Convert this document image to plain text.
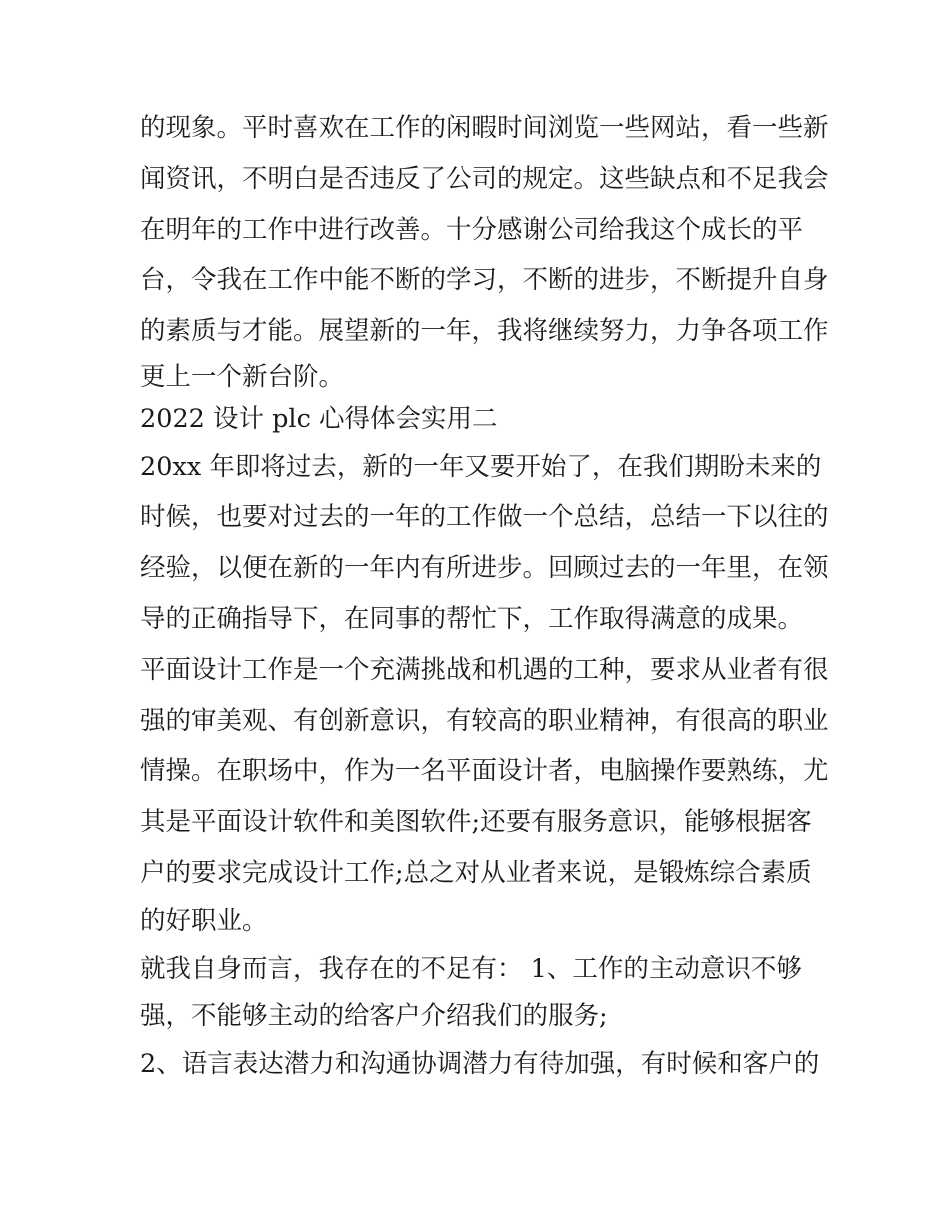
的现象。平时喜欢在工作的闲暇时间浏览一些网站，看一些新
闻资讯，不明白是否违反了公司的规定。这些缺点和不足我会
在明年的工作中进行改善。十分感谢公司给我这个成长的平
台，令我在工作中能不断的学习，不断的进步，不断提升自身
的素质与才能。展望新的一年，我将继续努力，力争各项工作
更上一个新台阶。
2022 设计 plc 心得体会实用二
20xx 年即将过去，新的一年又要开始了，在我们期盼未来的
时候，也要对过去的一年的工作做一个总结，总结一下以往的
经验，以便在新的一年内有所进步。回顾过去的一年里，在领
导的正确指导下，在同事的帮忙下，工作取得满意的成果。
平面设计工作是一个充满挑战和机遇的工种，要求从业者有很
强的审美观、有创新意识，有较高的职业精神，有很高的职业
情操。在职场中，作为一名平面设计者，电脑操作要熟练，尤
其是平面设计软件和美图软件;还要有服务意识，能够根据客
户的要求完成设计工作;总之对从业者来说，是锻炼综合素质
的好职业。
就我自身而言，我存在的不足有： 1、工作的主动意识不够
强，不能够主动的给客户介绍我们的服务;
2、语言表达潜力和沟通协调潜力有待加强，有时候和客户的
